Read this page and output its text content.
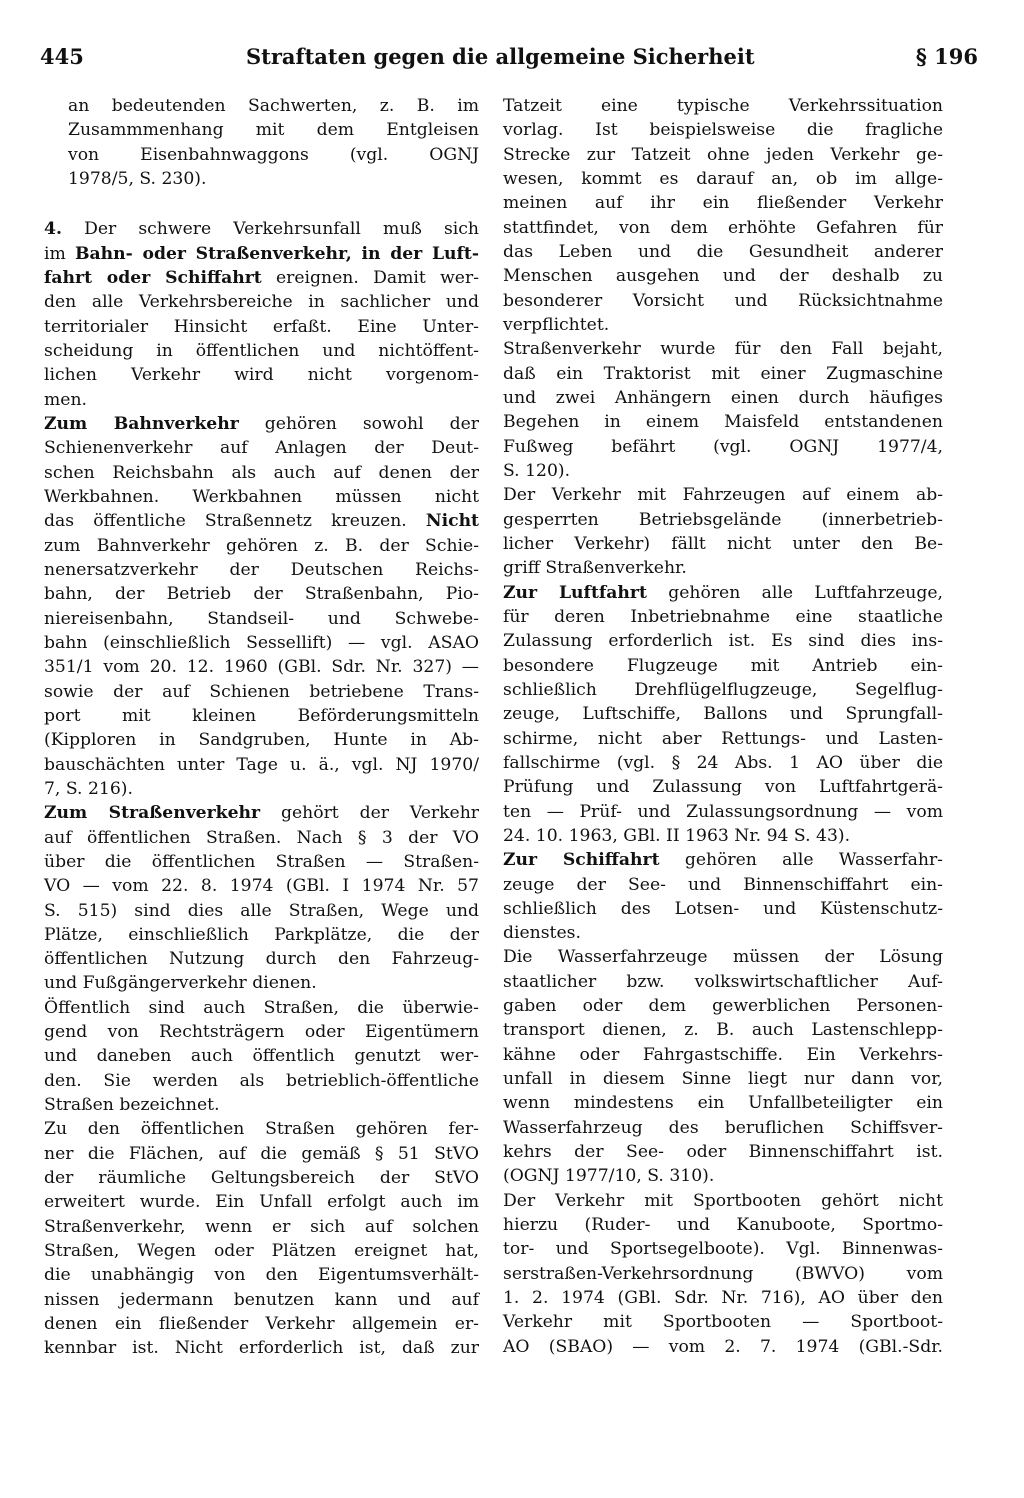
445	Straftaten gegen die allgemeine Sicherheit	§ 196
an bedeutenden Sachwerten, z. B. im
Zusammmenhang mit dem Entgleisen
von Eisenbahnwaggons (vgl. OGNJ
1978/5, S. 230).
4. Der schwere Verkehrsunfall muß sich
im Bahn- oder Straßenverkehr, in der Luft-
fahrt oder Schiffahrt ereignen. Damit wer-
den alle Verkehrsbereiche in sachlicher und
territorialer Hinsicht erfaßt. Eine Unter-
scheidung in öffentlichen und nichtöffent-
lichen Verkehr wird nicht vorgenom-
men.
Zum Bahnverkehr gehören sowohl der
Schienenverkehr auf Anlagen der Deut-
schen Reichsbahn als auch auf denen der
Werkbahnen. Werkbahnen müssen nicht
das öffentliche Straßennetz kreuzen. Nicht
zum Bahnverkehr gehören z. B. der Schie-
nenersatzverkehr der Deutschen Reichs-
bahn, der Betrieb der Straßenbahn, Pio-
niereisenbahn, Standseil- und Schwebe-
bahn (einschließlich Sessellift) — vgl. ASAO
351/1 vom 20. 12. 1960 (GBl. Sdr. Nr. 327) —
sowie der auf Schienen betriebene Trans-
port mit kleinen Beförderungsmitteln
(Kipploren in Sandgruben, Hunte in Ab-
bauschächten unter Tage u. ä., vgl. NJ 1970/
7, S. 216).
Zum Straßenverkehr gehört der Verkehr
auf öffentlichen Straßen. Nach § 3 der VO
über die öffentlichen Straßen — Straßen-
VO — vom 22. 8. 1974 (GBl. I 1974 Nr. 57
S. 515) sind dies alle Straßen, Wege und
Plätze, einschließlich Parkplätze, die der
öffentlichen Nutzung durch den Fahrzeug-
und Fußgängerverkehr dienen.
Öffentlich sind auch Straßen, die überwie-
gend von Rechtsträgern oder Eigentümern
und daneben auch öffentlich genutzt wer-
den. Sie werden als betrieblich-öffentliche
Straßen bezeichnet.
Zu den öffentlichen Straßen gehören fer-
ner die Flächen, auf die gemäß § 51 StVO
der räumliche Geltungsbereich der StVO
erweitert wurde. Ein Unfall erfolgt auch im
Straßenverkehr, wenn er sich auf solchen
Straßen, Wegen oder Plätzen ereignet hat,
die unabhängig von den Eigentumsverhält-
nissen jedermann benutzen kann und auf
denen ein fließender Verkehr allgemein er-
kennbar ist. Nicht erforderlich ist, daß zur
Tatzeit eine typische Verkehrssituation
vorlag. Ist beispielsweise die fragliche
Strecke zur Tatzeit ohne jeden Verkehr ge-
wesen, kommt es darauf an, ob im allge-
meinen auf ihr ein fließender Verkehr
stattfindet, von dem erhöhte Gefahren für
das Leben und die Gesundheit anderer
Menschen ausgehen und der deshalb zu
besonderer Vorsicht und Rücksichtnahme
verpflichtet.
Straßenverkehr wurde für den Fall bejaht,
daß ein Traktorist mit einer Zugmaschine
und zwei Anhängern einen durch häufiges
Begehen in einem Maisfeld entstandenen
Fußweg befährt (vgl. OGNJ 1977/4,
S. 120).
Der Verkehr mit Fahrzeugen auf einem ab-
gesperrten Betriebsgelände (innerbetrieb-
licher Verkehr) fällt nicht unter den Be-
griff Straßenverkehr.
Zur Luftfahrt gehören alle Luftfahrzeuge,
für deren Inbetriebnahme eine staatliche
Zulassung erforderlich ist. Es sind dies ins-
besondere Flugzeuge mit Antrieb ein-
schließlich Drehflügelflugzeuge, Segelflug-
zeuge, Luftschiffe, Ballons und Sprungfall-
schirme, nicht aber Rettungs- und Lasten-
fallschirme (vgl. § 24 Abs. 1 AO über die
Prüfung und Zulassung von Luftfahrtgerä-
ten — Prüf- und Zulassungsordnung — vom
24. 10. 1963, GBl. II 1963 Nr. 94 S. 43).
Zur Schiffahrt gehören alle Wasserfahr-
zeuge der See- und Binnenschiffahrt ein-
schließlich des Lotsen- und Küstenschutz-
dienstes.
Die Wasserfahrzeuge müssen der Lösung
staatlicher bzw. volkswirtschaftlicher Auf-
gaben oder dem gewerblichen Personen-
transport dienen, z. B. auch Lastenschlepp-
kähne oder Fahrgastschiffe. Ein Verkehrs-
unfall in diesem Sinne liegt nur dann vor,
wenn mindestens ein Unfallbeteiligter ein
Wasserfahrzeug des beruflichen Schiffsver-
kehrs der See- oder Binnenschiffahrt ist.
(OGNJ 1977/10, S. 310).
Der Verkehr mit Sportbooten gehört nicht
hierzu (Ruder- und Kanuboote, Sportmo-
tor- und Sportsegelboote). Vgl. Binnenwas-
serstraßen-Verkehrsordnung (BWVO) vom
1. 2. 1974 (GBl. Sdr. Nr. 716), AO über den
Verkehr mit Sportbooten — Sportboot-
AO (SBAO) — vom 2. 7. 1974 (GBl.-Sdr.
